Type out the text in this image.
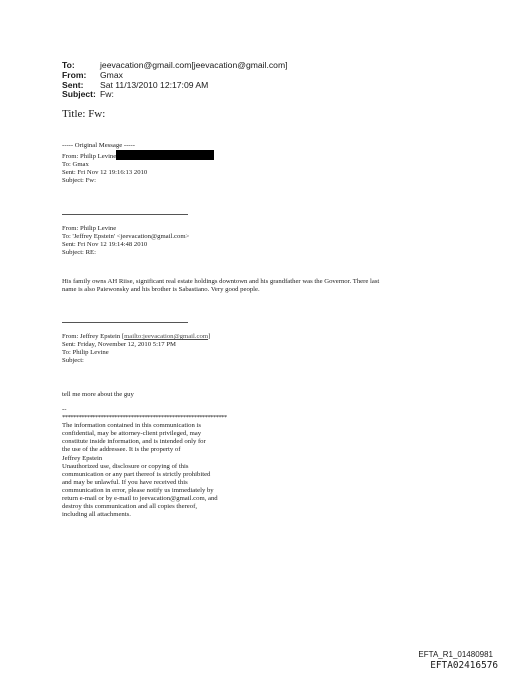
To:	jeevacation@gmail.com[jeevacation@gmail.com]
From:	Gmax
Sent:	Sat 11/13/2010 12:17:09 AM
Subject: Fw:
Title: Fw:
----- Original Message -----
From: Philip Levine
To: Gmax
Sent: Fri Nov 12 19:16:13 2010
Subject: Fw:
From: Philip Levine
To: 'Jeffrey Epstein' <jeevacation@gmail.com>
Sent: Fri Nov 12 19:14:48 2010
Subject: RE:
His family owns AH Riise, significant real estate holdings downtown and his grandfather was the Governor. There last
name is also Paiewonsky and his brother is Sabastiano. Very good people.
From: Jeffrey Epstein [mailto:jeevacation@gmail.com]
Sent: Friday, November 12, 2010 5:17 PM
To: Philip Levine
Subject:
tell me more about the guy
--
************************************************************
The information contained in this communication is
confidential, may be attorney-client privileged, may
constitute inside information, and is intended only for
the use of the addressee. It is the property of
Jeffrey Epstein
Unauthorized use, disclosure or copying of this
communication or any part thereof is strictly prohibited
and may be unlawful. If you have received this
communication in error, please notify us immediately by
return e-mail or by e-mail to jeevacation@gmail.com, and
destroy this communication and all copies thereof,
including all attachments.
EFTA_R1_01480981
EFTA02416576
